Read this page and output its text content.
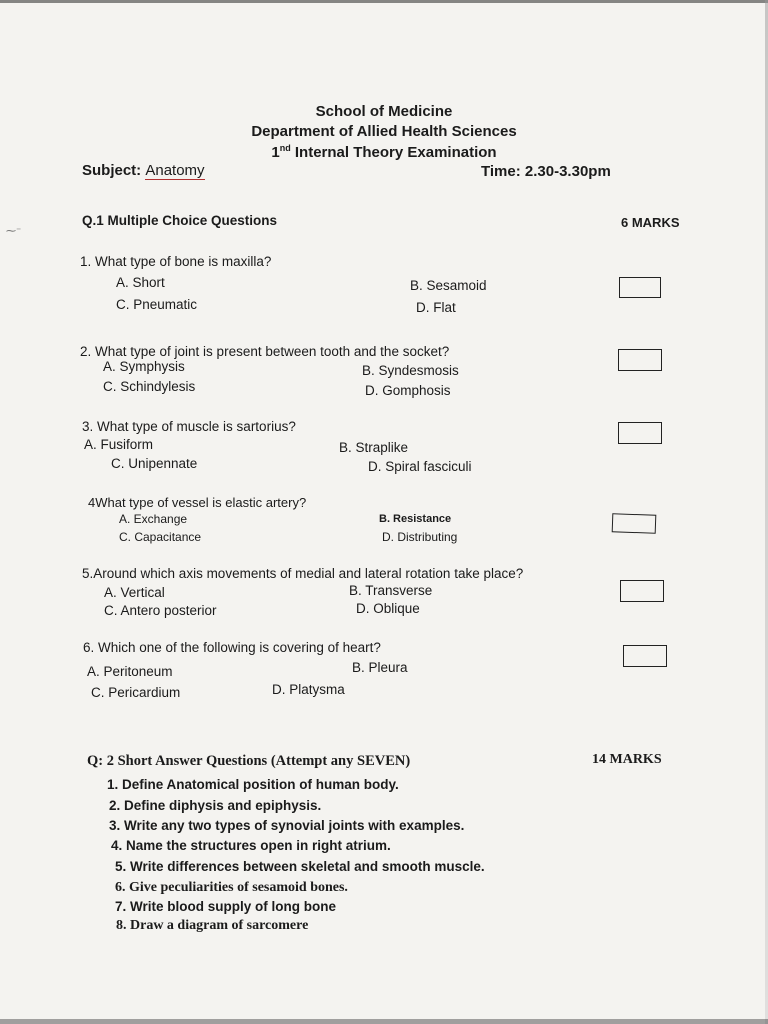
School of Medicine
Department of Allied Health Sciences
1nd Internal Theory Examination
Subject: Anatomy	Time: 2.30-3.30pm
Q.1 Multiple Choice Questions	6 MARKS
⁓⁻
1. What type of bone is maxilla?
A. Short	B. Sesamoid
C. Pneumatic	D. Flat
2. What type of joint is present between tooth and the socket?
A. Symphysis	B. Syndesmosis
C. Schindylesis	D. Gomphosis
3. What type of muscle is sartorius?
A. Fusiform	B. Straplike
C. Unipennate	D. Spiral fasciculi
4What type of vessel is elastic artery?
A. Exchange	B. Resistance
C. Capacitance	D. Distributing
5.Around which axis movements of medial and lateral rotation take place?
A. Vertical	B. Transverse
C. Antero posterior	D. Oblique
6. Which one of the following is covering of heart?
A. Peritoneum	B. Pleura
C. Pericardium	D. Platysma
Q: 2 Short Answer Questions (Attempt any SEVEN)	14 MARKS
1. Define Anatomical position of human body.
2. Define diphysis and epiphysis.
3. Write any two types of synovial joints with examples.
4. Name the structures open in right atrium.
5. Write differences between skeletal and smooth muscle.
6. Give peculiarities of sesamoid bones.
7. Write blood supply of long bone
8. Draw a diagram of sarcomere
